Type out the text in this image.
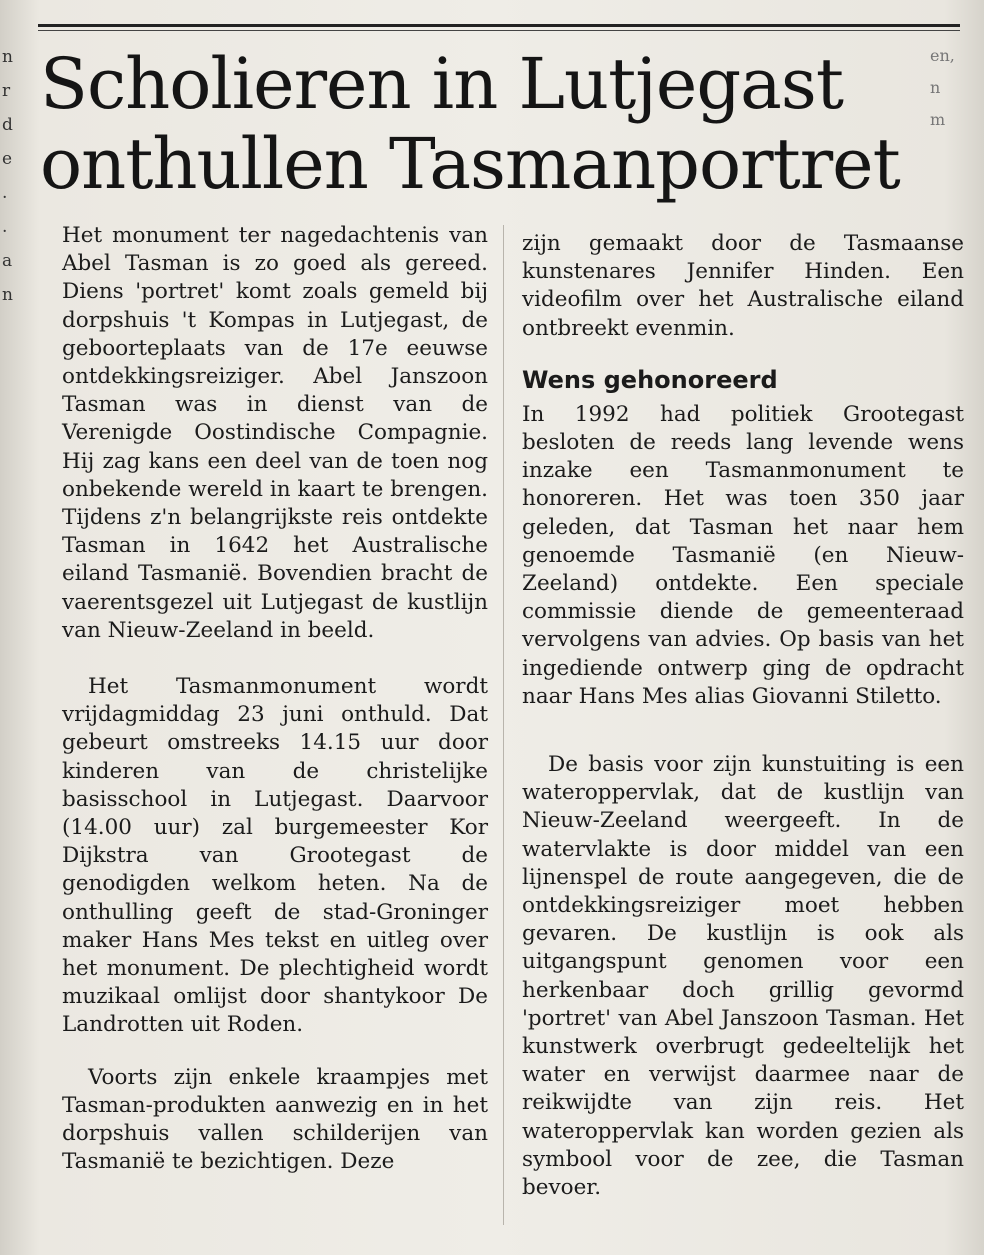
n
r
d
e
.
.
a
n
en,
n
m
Scholieren in Lutjegast
onthullen Tasmanportret

Het monument ter nagedachtenis van Abel Tasman is zo goed als gereed. Diens 'portret' komt zoals gemeld bij dorpshuis 't Kompas in Lutjegast, de geboorteplaats van de 17e eeuwse ontdekkingsreiziger. Abel Janszoon Tasman was in dienst van de Verenigde Oostindische Compagnie. Hij zag kans een deel van de toen nog onbekende wereld in kaart te brengen. Tijdens z'n belangrijkste reis ontdekte Tasman in 1642 het Australische eiland Tasmanië. Bovendien bracht de vaerentsgezel uit Lutjegast de kustlijn van Nieuw-Zeeland in beeld.

Het Tasmanmonument wordt vrijdagmiddag 23 juni onthuld. Dat gebeurt omstreeks 14.15 uur door kinderen van de christelijke basisschool in Lutjegast. Daarvoor (14.00 uur) zal burgemeester Kor Dijkstra van Grootegast de genodigden welkom heten. Na de onthulling geeft de stad-Groninger maker Hans Mes tekst en uitleg over het monument. De plechtigheid wordt muzikaal omlijst door shantykoor De Landrotten uit Roden.

Voorts zijn enkele kraampjes met Tasman-produkten aanwezig en in het dorpshuis vallen schilderijen van Tasmanië te bezichtigen. Deze

zijn gemaakt door de Tasmaanse kunstenares Jennifer Hinden. Een videofilm over het Australische eiland ontbreekt evenmin.

Wens gehonoreerd

In 1992 had politiek Grootegast besloten de reeds lang levende wens inzake een Tasmanmonument te honoreren. Het was toen 350 jaar geleden, dat Tasman het naar hem genoemde Tasmanië (en Nieuw-Zeeland) ontdekte. Een speciale commissie diende de gemeenteraad vervolgens van advies. Op basis van het ingediende ontwerp ging de opdracht naar Hans Mes alias Giovanni Stiletto.

De basis voor zijn kunstuiting is een wateroppervlak, dat de kustlijn van Nieuw-Zeeland weergeeft. In de watervlakte is door middel van een lijnenspel de route aangegeven, die de ontdekkingsreiziger moet hebben gevaren. De kustlijn is ook als uitgangspunt genomen voor een herkenbaar doch grillig gevormd 'portret' van Abel Janszoon Tasman. Het kunstwerk overbrugt gedeeltelijk het water en verwijst daarmee naar de reikwijdte van zijn reis. Het wateroppervlak kan worden gezien als symbool voor de zee, die Tasman bevoer.
